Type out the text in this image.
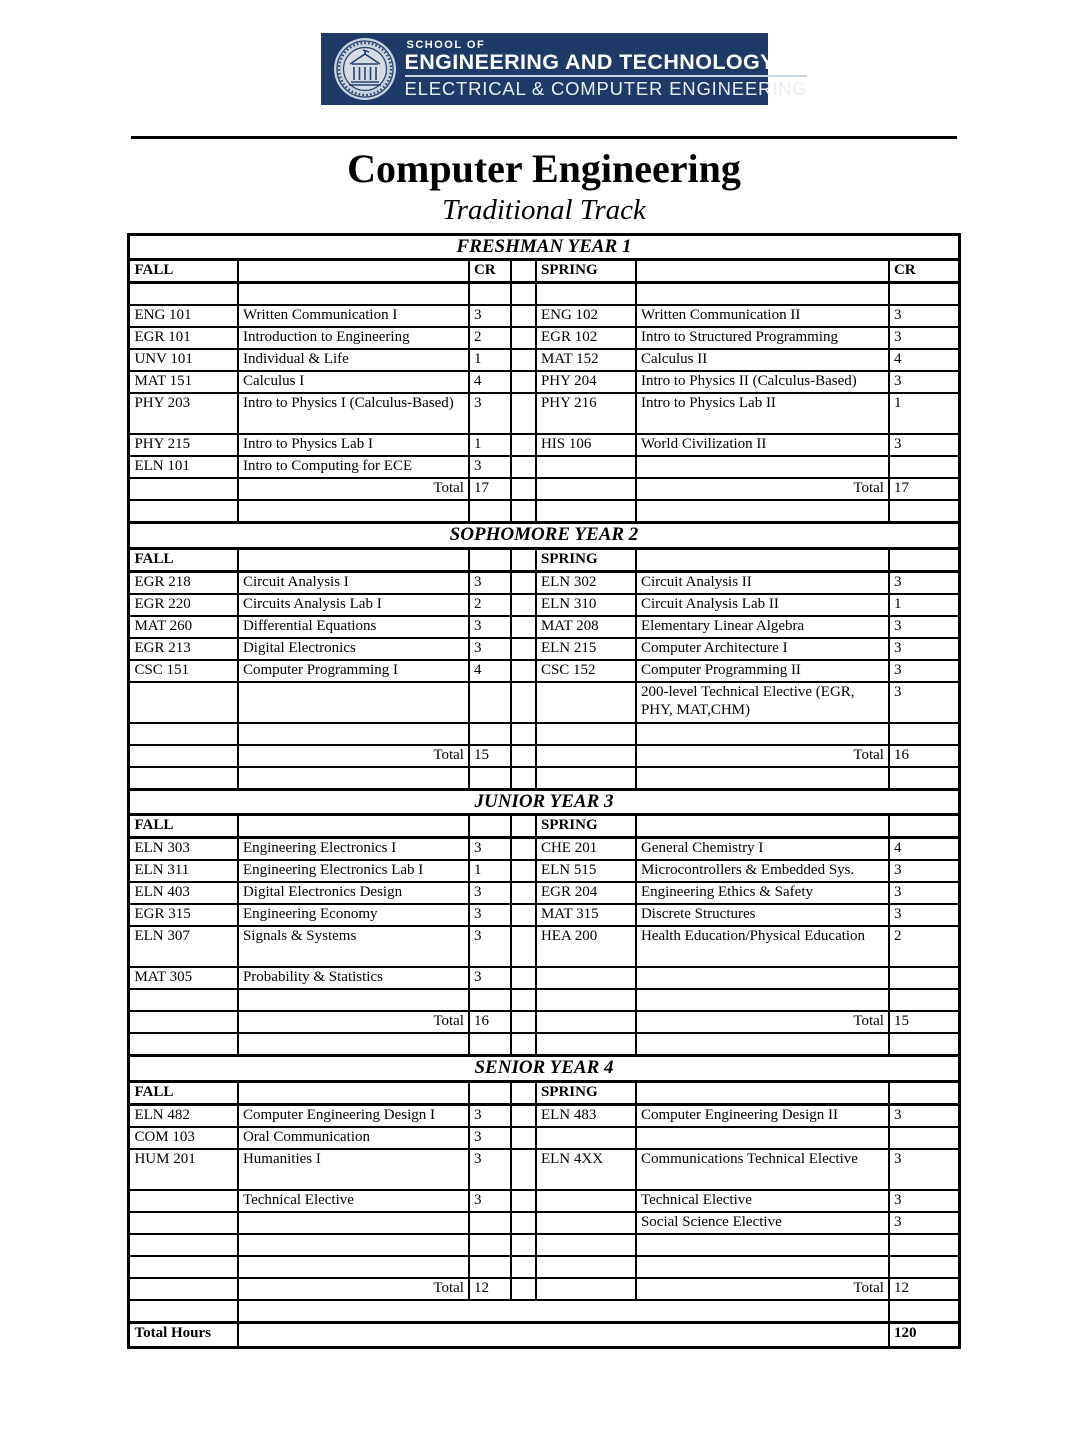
SCHOOL OF
ENGINEERING AND TECHNOLOGY
ELECTRICAL & COMPUTER ENGINEERING
Computer Engineering
Traditional Track
FRESHMAN YEAR 1						
FALL		CR		SPRING		CR

ENG 101	Written Communication I	3		ENG 102	Written Communication II	3
EGR 101	Introduction to Engineering	2		EGR 102	Intro to Structured Programming	3
UNV 101	Individual & Life	1		MAT 152	Calculus II	4
MAT 151	Calculus I	4		PHY 204	Intro to Physics II (Calculus-Based)	3
PHY 203	Intro to Physics I (Calculus-Based)	3		PHY 216	Intro to Physics Lab II	1
PHY 215	Intro to Physics Lab I	1		HIS 106	World Civilization II	3
ELN 101	Intro to Computing for ECE	3				
	Total	17			Total	17

SOPHOMORE YEAR 2						
FALL				SPRING		
EGR 218	Circuit Analysis I	3		ELN 302	Circuit Analysis II	3
EGR 220	Circuits Analysis Lab I	2		ELN 310	Circuit Analysis Lab II	1
MAT 260	Differential Equations	3		MAT 208	Elementary Linear Algebra	3
EGR 213	Digital Electronics	3		ELN 215	Computer Architecture I	3
CSC 151	Computer Programming I	4		CSC 152	Computer Programming II	3
					200-level Technical Elective (EGR, PHY, MAT,CHM)	3

	Total	15			Total	16

JUNIOR YEAR 3						
FALL				SPRING		
ELN 303	Engineering Electronics I	3		CHE 201	General Chemistry I	4
ELN 311	Engineering Electronics Lab I	1		ELN 515	Microcontrollers & Embedded Sys.	3
ELN 403	Digital Electronics Design	3		EGR 204	Engineering Ethics & Safety	3
EGR 315	Engineering Economy	3		MAT 315	Discrete Structures	3
ELN 307	Signals & Systems	3		HEA 200	Health Education/Physical Education	2
MAT 305	Probability & Statistics	3				

	Total	16			Total	15

SENIOR YEAR 4						
FALL				SPRING		
ELN 482	Computer Engineering Design I	3		ELN 483	Computer Engineering Design II	3
COM 103	Oral Communication	3				
HUM 201	Humanities I	3		ELN 4XX	Communications Technical Elective	3
	Technical Elective	3			Technical Elective	3
					Social Science Elective	3

	Total	12			Total	12

Total Hours						120
